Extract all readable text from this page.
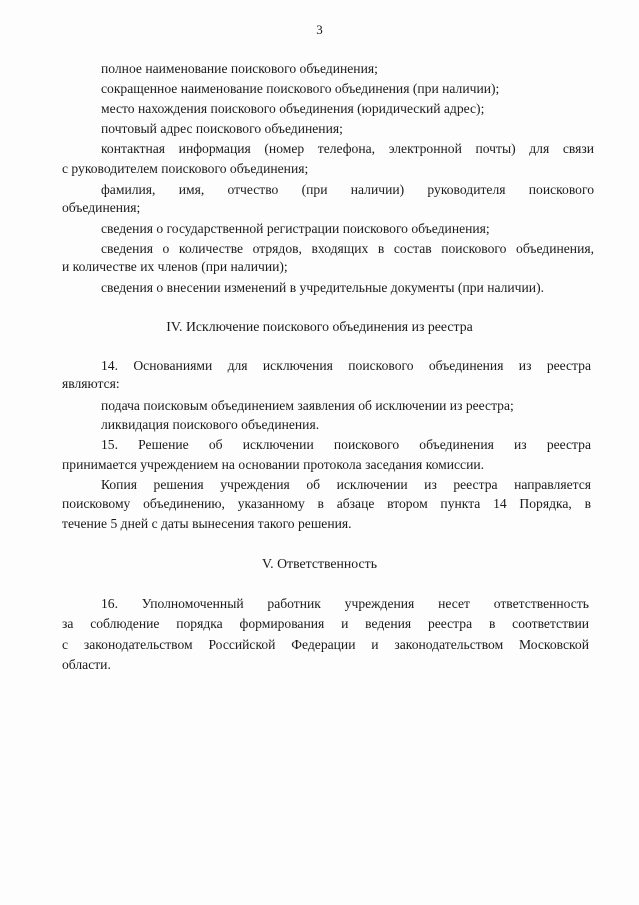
3
полное наименование поискового объединения;
сокращенное наименование поискового объединения (при наличии);
место нахождения поискового объединения (юридический адрес);
почтовый адрес поискового объединения;
контактная информация (номер телефона, электронной почты) для связи
с руководителем поискового объединения;
фамилия, имя, отчество (при наличии) руководителя поискового
объединения;
сведения о государственной регистрации поискового объединения;
сведения о количестве отрядов, входящих в состав поискового объединения,
и количестве их членов (при наличии);
сведения о внесении изменений в учредительные документы (при наличии).
IV. Исключение поискового объединения из реестра
14. Основаниями для исключения поискового объединения из реестра
являются:
подача поисковым объединением заявления об исключении из реестра;
ликвидация поискового объединения.
15. Решение об исключении поискового объединения из реестра
принимается учреждением на основании протокола заседания комиссии.
Копия решения учреждения об исключении из реестра направляется
поисковому объединению, указанному в абзаце втором пункта 14 Порядка, в
течение 5 дней с даты вынесения такого решения.
V. Ответственность
16. Уполномоченный работник учреждения несет ответственность
за соблюдение порядка формирования и ведения реестра в соответствии
с законодательством Российской Федерации и законодательством Московской
области.
